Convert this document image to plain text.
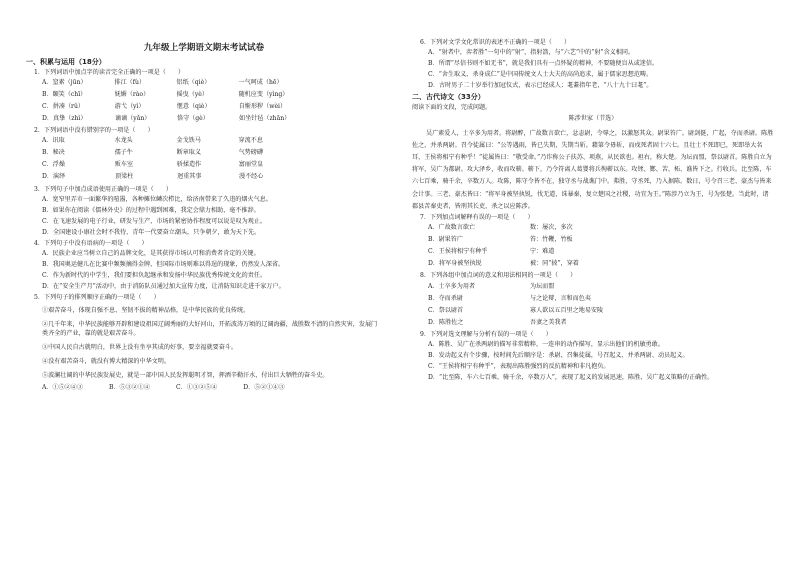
九年级上学期语文期末考试试卷
一、积累与运用（18分）
1．下列词语中加点字的读音完全正确的一项是（　　）
A．窒素（jūn）	排江（fù）	铝纸（qiè）	一气呵成（hē）
B．颐笑（chī）	妩媚（rào）	摇曳（yè）	随机应变（yìng）
C．拼凑（rǔ）	游弋（yì）	惬意（qiè）	自惭形秽（wèi）
D．真挚（zhì）	谪谪（yǎn）	恪守（gè）	如坐针毡（zhān）
2．下列词语中没有错别字的一项是（　　）
A．讯取	水龙头	金戈铁马	穿流不息
B．秘决	孺子牛	断章取义	气势磅礴
C．浮燥	贩车室	骄揉造作	富丽堂皇
D．演绎	顶梁柱	迥重其事	漫不经心
3．下列句子中加点成语使用正确的一项是（　　）
A．宽窄里弄市一面繁华的喧嚣，各种摊位鳞次栉比，给济南带来了久违的烟火气息。
B．如果你在阅读《儒林外史》的过程中遇到困难，我定会鼎力相助，毫不推辞。
C．在飞速发展的电子行业，研发与生产、市场的紧密协作程度可以说是叹为观止。
D．全国建设小康社会时不我待，青年一代要奋立潮头，只争朝夕，敢为天下先。
4．下列句子中没有语病的一项是（　　）
A．民族企业应当树立自己的品牌文化，是其获得市场认可和消费者肯定的关键。
B．我国奥运健儿在比赛中频频摘得金牌，但国际市场则难以得逞的现象，仍然发人深省。
C．作为新时代的中学生，我们要担负起继承和发扬中华民族优秀传统文化的责任。
D．在“安全生产月”活动中，由于消防队员通过加大宣传力度，让消防知识走进千家万户。
5．下列句子的排列顺序正确的一项是（　　）
①艰苦奋斗，体现自强不息、坚韧不拔的精神品格，是中华民族的优良传统。
②几千年来，中华民族能够开辟和建设祖国辽阔秀丽的大好河山，开拓波涛万顷的辽阔海疆，战胜数不清的自然灾害，发展门类齐全的产业，靠的就是艰苦奋斗。
③中国人民自古就明白，世界上没有坐享其成的好事，要幸福就要奋斗。
④没有艰苦奋斗，就没有博大精深的中华文明。
⑤波澜壮阔的中华民族发展史，就是一部中国人民发挥聪明才智，挥洒辛勤汗水，付出巨大牺牲的奋斗史。
A．①⑤②④③	B．⑤③②①④	C．①③②⑤④	D．⑤②①④③
6．下列对文学文化常识的表述不正确的一项是（　　）
A．“射者中，弈者胜”一句中的“射”，指射箭，与“六艺”中的“射”含义相同。
B．所谓“尽信书则不如无书”，就是我们具有一点怀疑的精神，不要随便盲从或迷信。
C．“舍生取义、杀身成仁”是中国传统文人士大夫的高尚追求，属于儒家思想范畴。
D．古时男子二十岁举行加冠仪式，表示已经成人；耄耋指年老，“八十九十曰耄”。
二、古代诗文（33分）
阅读下面的文段，完成问题。
陈涉世家（节选）
吴广素爱人，士卒多为用者。将尉醉，广故数言欲亡，忿恚尉，令辱之，以激怒其众。尉果笞广。尉剑挺，广起，夺而杀尉。陈胜佐之，并杀两尉。召令徒属曰：“公等遇雨，皆已失期，失期当斩。藉第令毋斩，而戍死者固十六七。且壮士不死即已，死即举大名耳，王侯将相宁有种乎！”徒属皆曰：“敬受命。”乃诈称公子扶苏、项燕，从民欲也。袒右，称大楚。为坛而盟，祭以尉首。陈胜自立为将军，吴广为都尉。攻大泽乡，收而攻蕲。蕲下，乃令符离人葛婴将兵徇蕲以东。攻铚、酂、苦、柘、谯皆下之。行收兵。比至陈，车六七百乘，骑千余，卒数万人。攻陈，陈守令皆不在，独守丞与战谯门中。弗胜，守丞死，乃入据陈。数日，号令召三老、豪杰与皆来会计事。三老、豪杰皆曰：“将军身被坚执锐，伐无道，诛暴秦，复立楚国之社稷，功宜为王。”陈涉乃立为王，号为张楚。当此时，诸郡县苦秦吏者，皆刑其长吏，杀之以应陈涉。
7．下列加点词解释有误的一项是（　　）
A．广故数言欲亡	数：屡次，多次
B．尉果笞广	笞：竹鞭，竹板
C．王侯将相宁有种乎	宁：难道
D．将军身被坚执锐	被：同“披”，穿着
8．下列各组中加点词的意义和用法相同的一项是（　　）
A．士卒多为用者	为坛而盟
B．夺而杀尉	与之论辩，言和而色夷
C．祭以尉首	寡人欲以五百里之地易安陵
D．陈胜佐之	吾妻之美我者
9．下列对选文理解与分析有误的一项是（　　）
A．陈胜、吴广在杀两尉的描写非常精粹，一连串的动作描写，显示出他们的机敏勇敢。
B．发动起义有个步骤，按时间先后顺序是：杀尉、召集徒属，号召起义、并杀两尉、动员起义。
C．“王侯将相宁有种乎”，表现出陈胜强烈的反抗精神和非凡抱负。
D．“比至陈，车六七百乘，骑千余，卒数万人”，表现了起义的发展迅速，陈胜、吴广起义策略的正确性。
